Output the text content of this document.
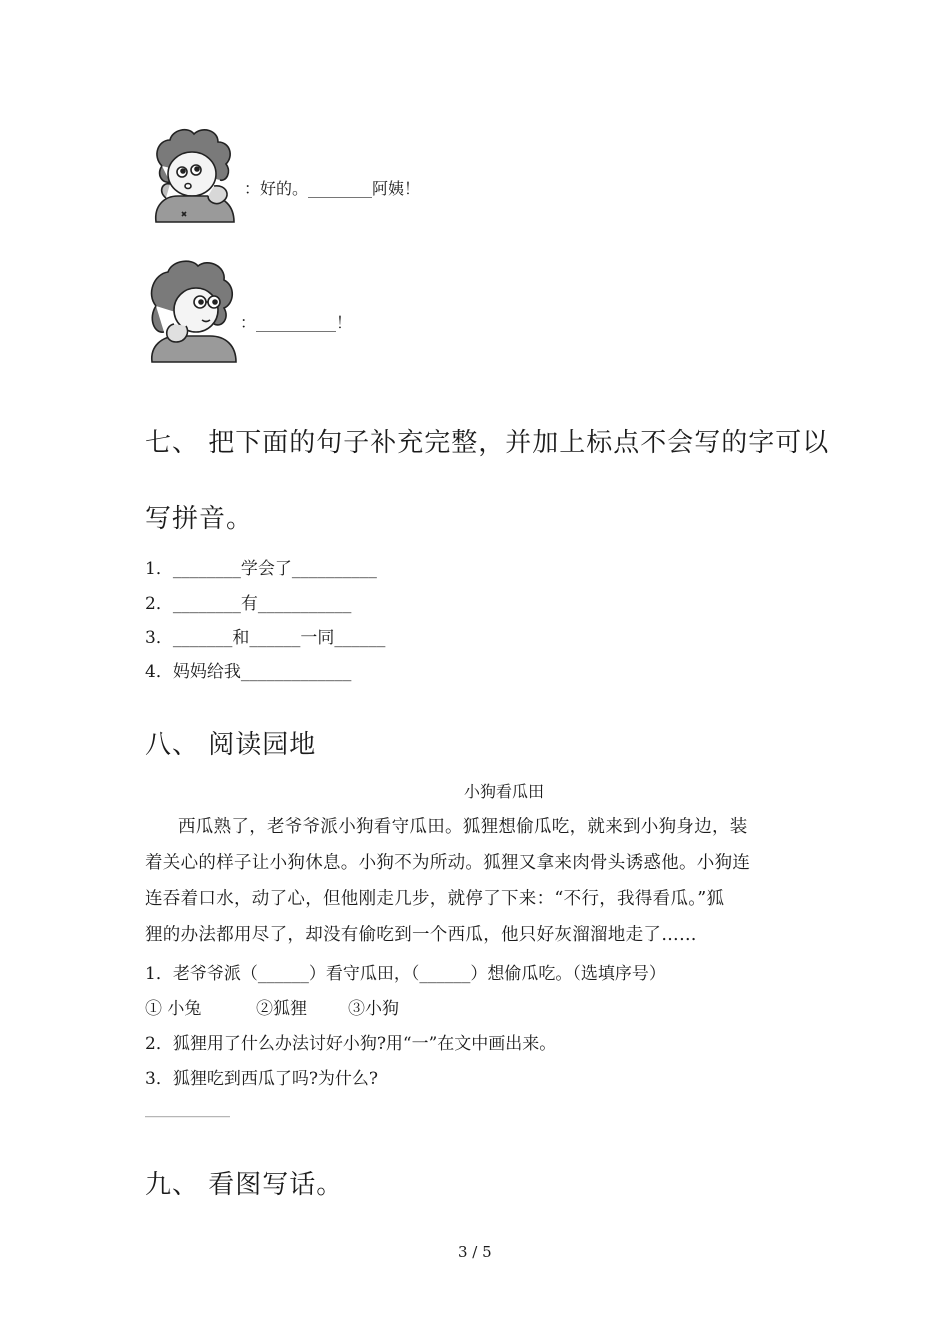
：好的。________阿姨！
：__________！
七、 把下面的句子补充完整，并加上标点不会写的字可以
写拼音。
1．________学会了__________
2．________有___________
3．_______和______一同______
4．妈妈给我_____________
八、 阅读园地
小狗看瓜田
西瓜熟了，老爷爷派小狗看守瓜田。狐狸想偷瓜吃，就来到小狗身边，装
着关心的样子让小狗休息。小狗不为所动。狐狸又拿来肉骨头诱惑他。小狗连
连吞着口水，动了心，但他刚走几步，就停了下来：“不行，我得看瓜。”狐
狸的办法都用尽了，却没有偷吃到一个西瓜，他只好灰溜溜地走了……
1．老爷爷派（______）看守瓜田，（______）想偷瓜吃。（选填序号）
① 小兔	②狐狸 ③小狗
2．狐狸用了什么办法讨好小狗?用“一”在文中画出来。
3．狐狸吃到西瓜了吗?为什么?
__________
九、 看图写话。
3 / 5
